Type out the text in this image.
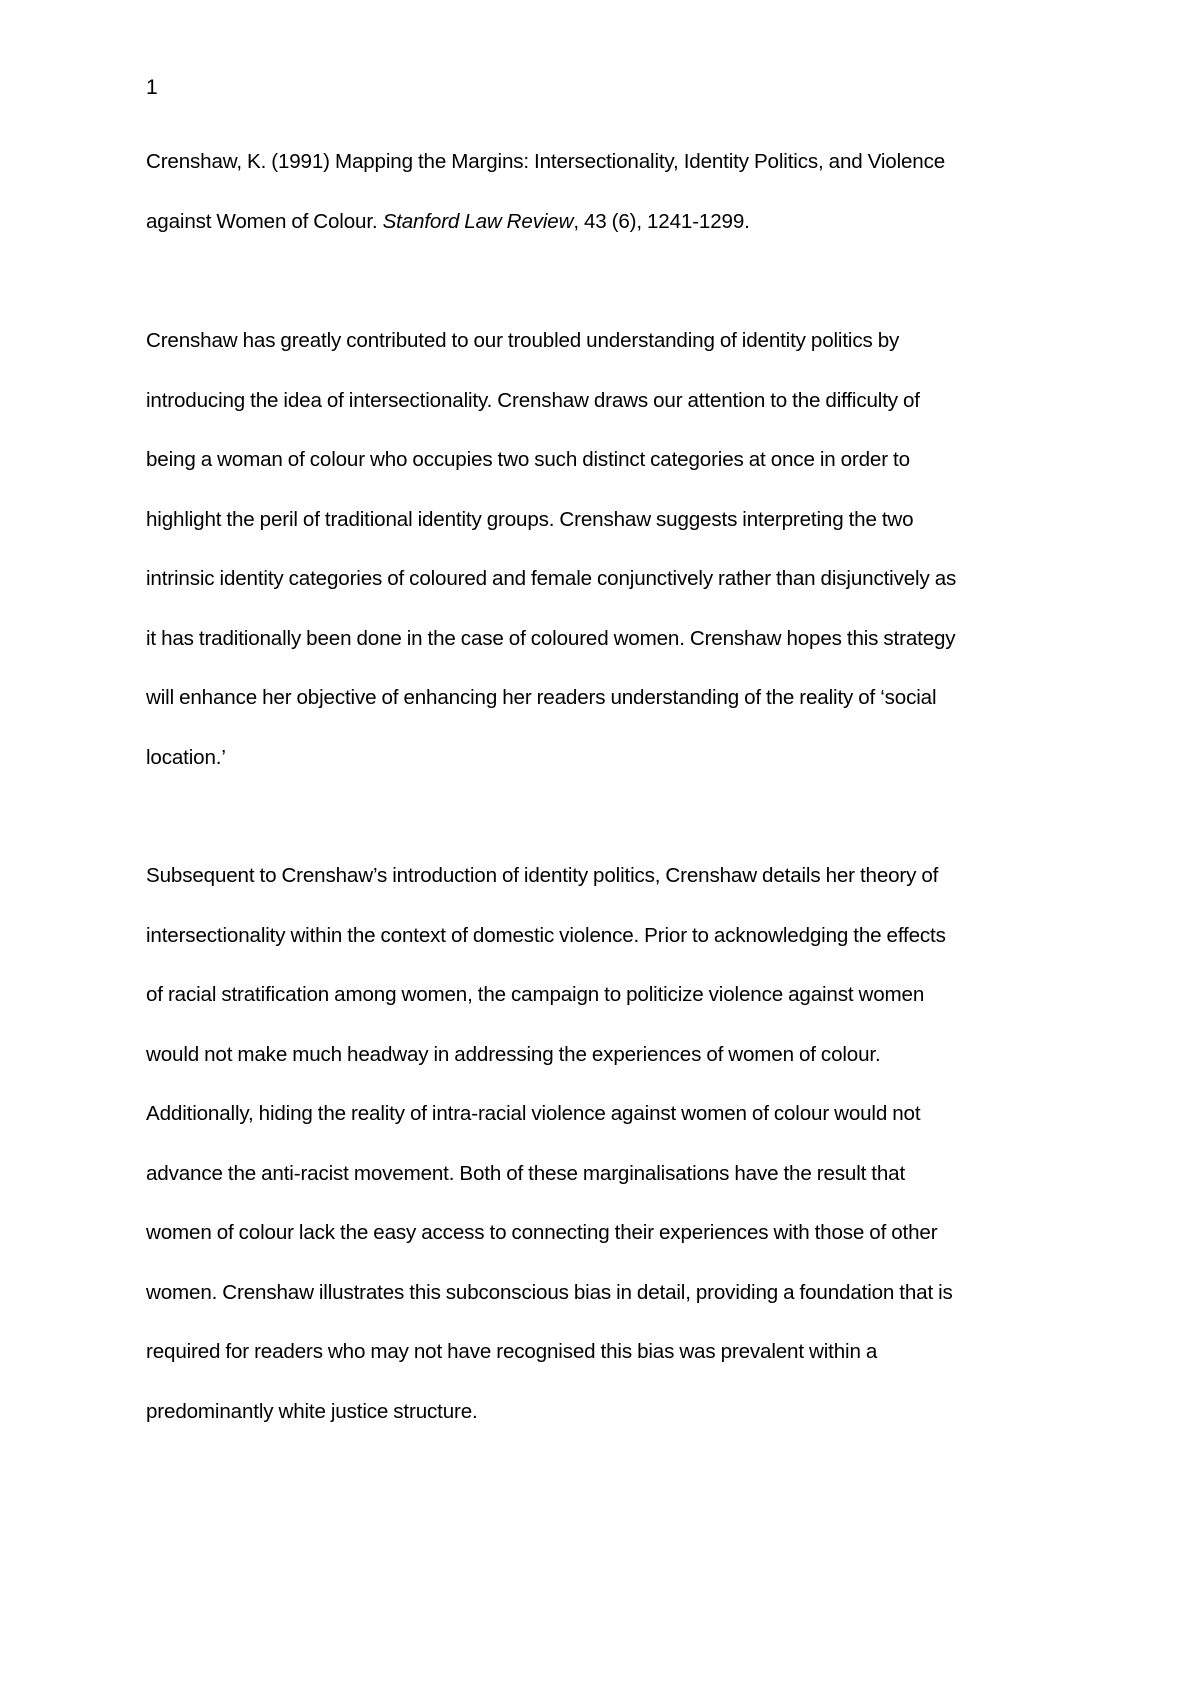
1
Crenshaw, K. (1991) Mapping the Margins: Intersectionality, Identity Politics, and Violence
against Women of Colour. Stanford Law Review, 43 (6), 1241-1299.
Crenshaw has greatly contributed to our troubled understanding of identity politics by
introducing the idea of intersectionality. Crenshaw draws our attention to the difficulty of
being a woman of colour who occupies two such distinct categories at once in order to
highlight the peril of traditional identity groups. Crenshaw suggests interpreting the two
intrinsic identity categories of coloured and female conjunctively rather than disjunctively as
it has traditionally been done in the case of coloured women. Crenshaw hopes this strategy
will enhance her objective of enhancing her readers understanding of the reality of ‘social
location.’
Subsequent to Crenshaw’s introduction of identity politics, Crenshaw details her theory of
intersectionality within the context of domestic violence. Prior to acknowledging the effects
of racial stratification among women, the campaign to politicize violence against women
would not make much headway in addressing the experiences of women of colour.
Additionally, hiding the reality of intra-racial violence against women of colour would not
advance the anti-racist movement. Both of these marginalisations have the result that
women of colour lack the easy access to connecting their experiences with those of other
women. Crenshaw illustrates this subconscious bias in detail, providing a foundation that is
required for readers who may not have recognised this bias was prevalent within a
predominantly white justice structure.
